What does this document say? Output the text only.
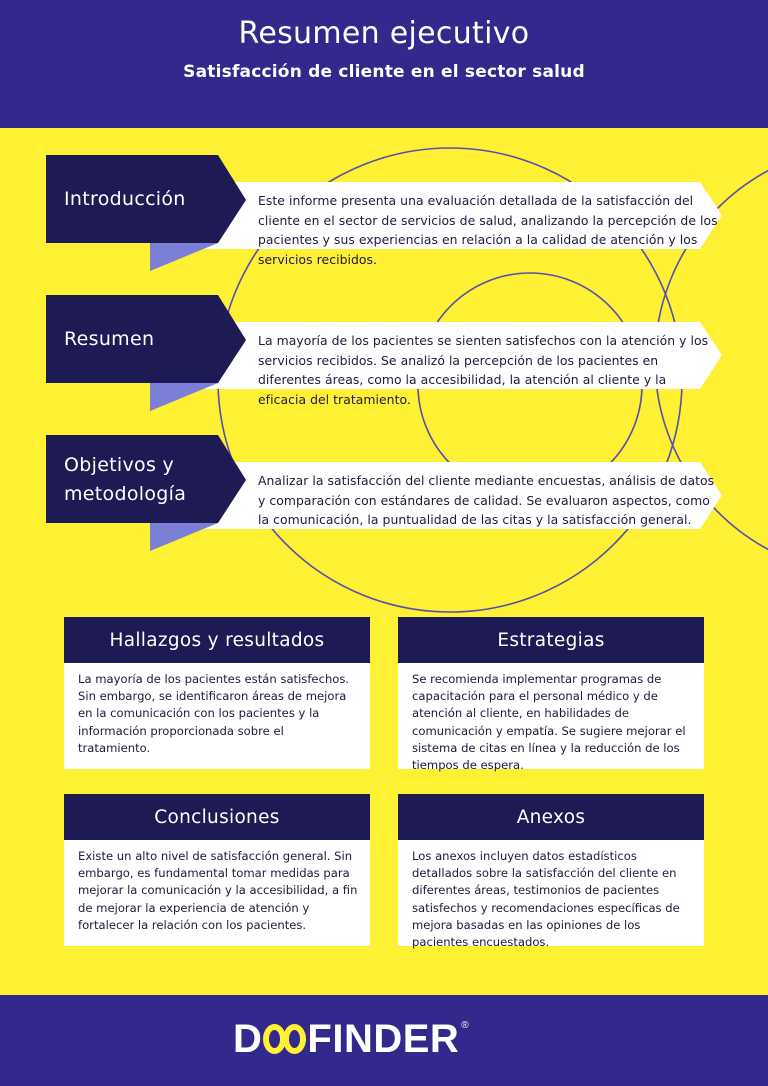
Resumen ejecutivo
Satisfacción de cliente en el sector salud
Introducción	Este informe presenta una evaluación detallada de la satisfacción del cliente en el sector de servicios de salud, analizando la percepción de los pacientes y sus experiencias en relación a la calidad de atención y los servicios recibidos.
Resumen	La mayoría de los pacientes se sienten satisfechos con la atención y los servicios recibidos. Se analizó la percepción de los pacientes en diferentes áreas, como la accesibilidad, la atención al cliente y la eficacia del tratamiento.
Objetivos y
metodología
Analizar la satisfacción del cliente mediante encuestas, análisis de datos y comparación con estándares de calidad. Se evaluaron aspectos, como la comunicación, la puntualidad de las citas y la satisfacción general.
Hallazgos y resultados
La mayoría de los pacientes están satisfechos. Sin embargo, se identificaron áreas de mejora en la comunicación con los pacientes y la información proporcionada sobre el tratamiento.
Estrategias
Se recomienda implementar programas de capacitación para el personal médico y de atención al cliente, en habilidades de comunicación y empatía. Se sugiere mejorar el sistema de citas en línea y la reducción de los tiempos de espera.
Conclusiones
Existe un alto nivel de satisfacción general. Sin embargo, es fundamental tomar medidas para mejorar la comunicación y la accesibilidad, a fin de mejorar la experiencia de atención y fortalecer la relación con los pacientes.
Anexos
Los anexos incluyen datos estadísticos detallados sobre la satisfacción del cliente en diferentes áreas, testimonios de pacientes satisfechos y recomendaciones específicas de mejora basadas en las opiniones de los pacientes encuestados.
D FINDER ®
